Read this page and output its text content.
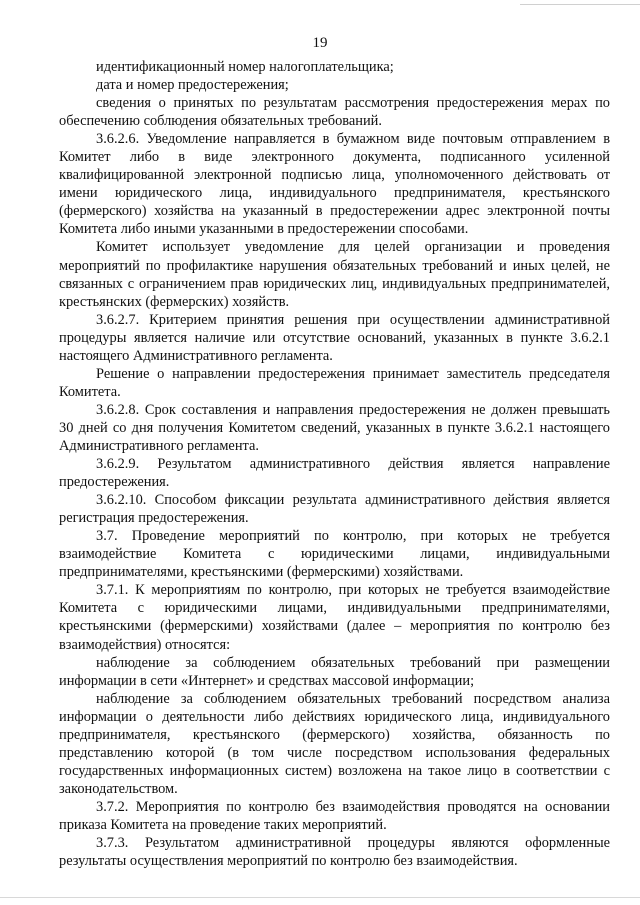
19

идентификационный номер налогоплательщика;

дата и номер предостережения;

сведения о принятых по результатам рассмотрения предостережения мерах по обеспечению соблюдения обязательных требований.

3.6.2.6. Уведомление направляется в бумажном виде почтовым отправлением в Комитет либо в виде электронного документа, подписанного усиленной квалифицированной электронной подписью лица, уполномоченного действовать от имени юридического лица, индивидуального предпринимателя, крестьянского (фермерского) хозяйства на указанный в предостережении адрес электронной почты Комитета либо иными указанными в предостережении способами.

Комитет использует уведомление для целей организации и проведения мероприятий по профилактике нарушения обязательных требований и иных целей, не связанных с ограничением прав юридических лиц, индивидуальных предпринимателей, крестьянских (фермерских) хозяйств.

3.6.2.7. Критерием принятия решения при осуществлении административной процедуры является наличие или отсутствие оснований, указанных в пункте 3.6.2.1 настоящего Административного регламента.

Решение о направлении предостережения принимает заместитель председателя Комитета.

3.6.2.8. Срок составления и направления предостережения не должен превышать 30 дней со дня получения Комитетом сведений, указанных в пункте 3.6.2.1 настоящего Административного регламента.

3.6.2.9. Результатом административного действия является направление предостережения.

3.6.2.10. Способом фиксации результата административного действия является регистрация предостережения.

3.7. Проведение мероприятий по контролю, при которых не требуется взаимодействие Комитета с юридическими лицами, индивидуальными предпринимателями, крестьянскими (фермерскими) хозяйствами.

3.7.1. К мероприятиям по контролю, при которых не требуется взаимодействие Комитета с юридическими лицами, индивидуальными предпринимателями, крестьянскими (фермерскими) хозяйствами (далее – мероприятия по контролю без взаимодействия) относятся:

наблюдение за соблюдением обязательных требований при размещении информации в сети «Интернет» и средствах массовой информации;

наблюдение за соблюдением обязательных требований посредством анализа информации о деятельности либо действиях юридического лица, индивидуального предпринимателя, крестьянского (фермерского) хозяйства, обязанность по представлению которой (в том числе посредством использования федеральных государственных информационных систем) возложена на такое лицо в соответствии с законодательством.

3.7.2. Мероприятия по контролю без взаимодействия проводятся на основании приказа Комитета на проведение таких мероприятий.

3.7.3. Результатом административной процедуры являются оформленные результаты осуществления мероприятий по контролю без взаимодействия.
